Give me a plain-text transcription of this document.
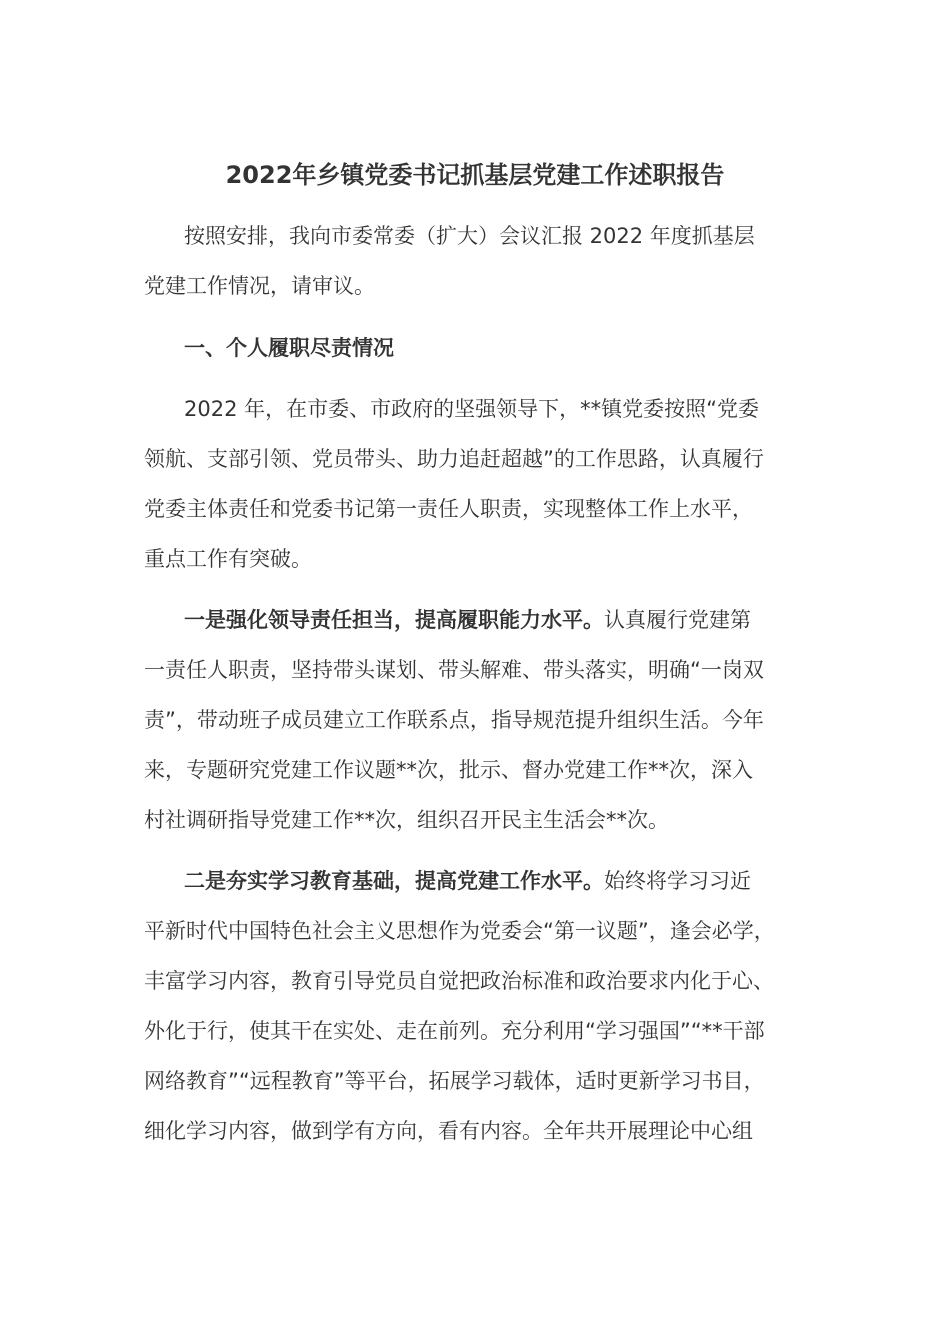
2022年乡镇党委书记抓基层党建工作述职报告

按照安排，我向市委常委（扩大）会议汇报 2022 年度抓基层

党建工作情况，请审议。

一、个人履职尽责情况

2022 年，在市委、市政府的坚强领导下，**镇党委按照“党委

领航、支部引领、党员带头、助力追赶超越”的工作思路，认真履行

党委主体责任和党委书记第一责任人职责，实现整体工作上水平，

重点工作有突破。

一是强化领导责任担当，提高履职能力水平。认真履行党建第

一责任人职责，坚持带头谋划、带头解难、带头落实，明确“一岗双

责”，带动班子成员建立工作联系点，指导规范提升组织生活。今年

来，专题研究党建工作议题**次，批示、督办党建工作**次，深入

村社调研指导党建工作**次，组织召开民主生活会**次。

二是夯实学习教育基础，提高党建工作水平。始终将学习习近

平新时代中国特色社会主义思想作为党委会“第一议题”，逢会必学，

丰富学习内容，教育引导党员自觉把政治标准和政治要求内化于心、

外化于行，使其干在实处、走在前列。充分利用“学习强国”“**干部

网络教育”“远程教育”等平台，拓展学习载体，适时更新学习书目，

细化学习内容，做到学有方向，看有内容。全年共开展理论中心组
